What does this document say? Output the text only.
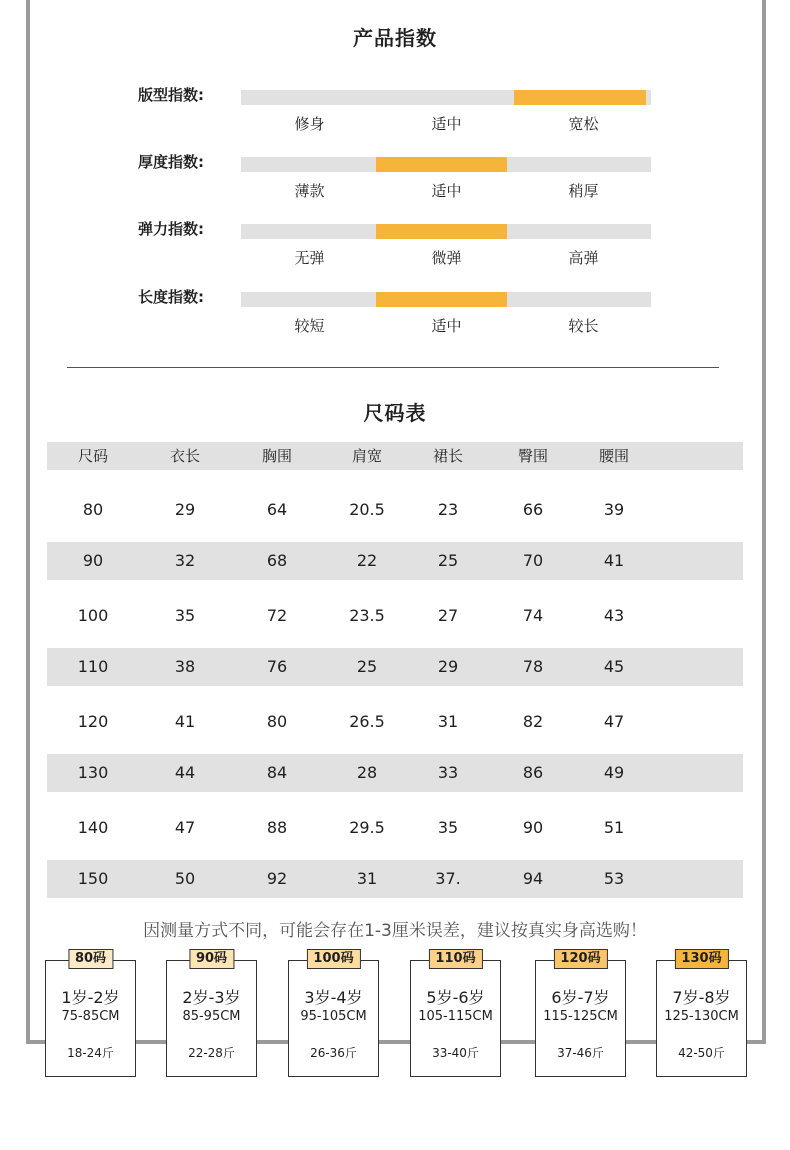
产品指数
版型指数:
修身	适中	宽松
厚度指数:
薄款	适中	稍厚
弹力指数:
无弹	微弹	高弹
长度指数:
较短	适中	较长
尺码表
尺码	衣长	胸围	肩宽	裙长	臀围	腰围
80	29	64	20.5	23	66	39
90	32	68	22	25	70	41
100	35	72	23.5	27	74	43
110	38	76	25	29	78	45
120	41	80	26.5	31	82	47
130	44	84	28	33	86	49
140	47	88	29.5	35	90	51
150	50	92	31	37.	94	53
因测量方式不同，可能会存在1-3厘米误差，建议按真实身高选购！
80码
1岁-2岁
75-85CM
18-24斤
90码
2岁-3岁
85-95CM
22-28斤
100码
3岁-4岁
95-105CM
26-36斤
110码
5岁-6岁
105-115CM
33-40斤
120码
6岁-7岁
115-125CM
37-46斤
130码
7岁-8岁
125-130CM
42-50斤
